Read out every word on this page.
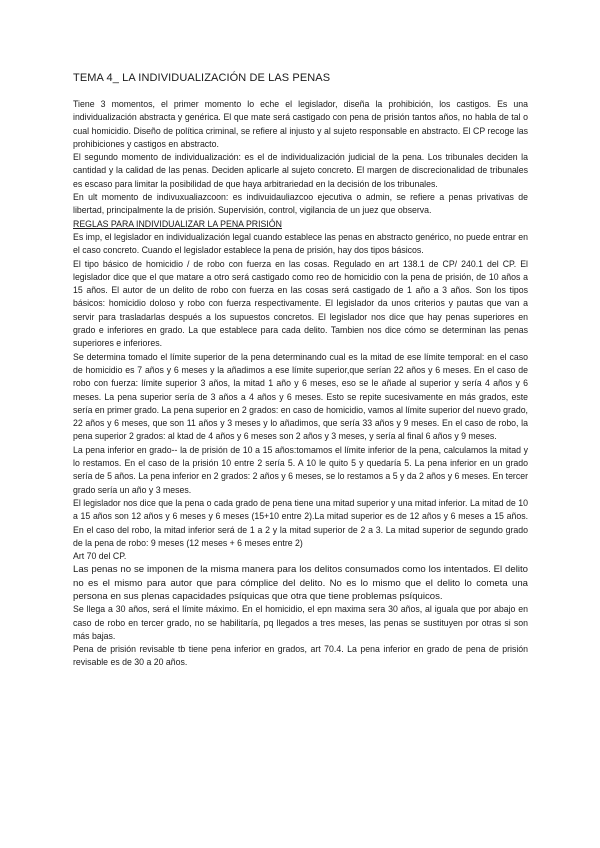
TEMA 4_ LA INDIVIDUALIZACIÓN DE LAS PENAS

Tiene 3 momentos, el primer momento lo eche el legislador, diseña la prohibición, los castigos. Es una individualización abstracta y genérica. El que mate será castigado con pena de prisión tantos años, no habla de tal o cual homicidio. Diseño de política criminal, se refiere al injusto y al sujeto responsable en abstracto. El CP recoge las prohibiciones y castigos en abstracto.

El segundo momento de individualización: es el de individualización judicial de la pena. Los tribunales deciden la cantidad y la calidad de las penas. Deciden aplicarle al sujeto concreto. El margen de discrecionalidad de tribunales es escaso para limitar la posibilidad de que haya arbitrariedad en la decisión de los tribunales.

En ult momento de indivuxualiazcoon: es indivuidauliazcoo ejecutiva o admin, se refiere a penas privativas de libertad, principalmente la de prisión. Supervisión, control, vigilancia de un juez que observa.

REGLAS PARA INDIVIDUALIZAR LA PENA PRISIÓN

Es imp, el legislador en individualización legal cuando establece las penas en abstracto genérico, no puede entrar en el caso concreto. Cuando el legislador establece la pena de prisión, hay dos tipos básicos.

El tipo básico de homicidio / de robo con fuerza en las cosas. Regulado en art 138.1 de CP/ 240.1 del CP. El legislador dice que el que matare a otro será castigado como reo de homicidio con la pena de prisión, de 10 años a 15 años. El autor de un delito de robo con fuerza en las cosas será castigado de 1 año a 3 años. Son los tipos básicos: homicidio doloso y robo con fuerza respectivamente. El legislador da unos criterios y pautas que van a servir para trasladarlas después a los supuestos concretos. El legislador nos dice que hay penas superiores en grado e inferiores en grado. La que establece para cada delito. Tambien nos dice cómo se determinan las penas superiores e inferiores.

Se determina tomado el límite superior de la pena determinando cual es la mitad de ese límite temporal: en el caso de homicidio es 7 años y 6 meses y la añadimos a ese límite superior,que serían 22 años y 6 meses. En el caso de robo con fuerza: límite superior 3 años, la mitad 1 año y 6 meses, eso se le añade al superior y sería 4 años y 6 meses. La pena superior sería de 3 años a 4 años y 6 meses. Esto se repite sucesivamente en más grados, este sería en primer grado. La pena superior en 2 grados: en caso de homicidio, vamos al límite superior del nuevo grado, 22 años y 6 meses, que son 11 años y 3 meses y lo añadimos, que sería 33 años y 9 meses. En el caso de robo, la pena superior 2 grados: al ktad de 4 años y 6 meses son 2 años y 3 meses, y sería al final 6 años y 9 meses.

La pena inferior en grado-- la de prisión de 10 a 15 años:tomamos el límite inferior de la pena, calculamos la mitad y lo restamos. En el caso de la prisión 10 entre 2 sería 5. A 10 le quito 5 y quedaría 5. La pena inferior en un grado sería de 5 años. La pena inferior en 2 grados: 2 años y 6 meses, se lo restamos a 5 y da 2 años y 6 meses. En tercer grado sería un año y 3 meses.

El legislador nos dice que la pena o cada grado de pena tiene una mitad superior y una mitad inferior. La mitad de 10 a 15 años son 12 años y 6 meses y 6 meses (15+10 entre 2).La mitad superior es de 12 años y 6 meses a 15 años. En el caso del robo, la mitad inferior será de 1 a 2 y la mitad superior de 2 a 3. La mitad superior de segundo grado de la pena de robo: 9 meses (12 meses + 6 meses entre 2)

Art 70 del CP.

Las penas no se imponen de la misma manera para los delitos consumados como los intentados. El delito no es el mismo para autor que para cómplice del delito. No es lo mismo que el delito lo cometa una persona en sus plenas capacidades psíquicas que otra que tiene problemas psíquicos.

Se llega a 30 años, será el límite máximo. En el homicidio, el epn maxima sera 30 años, al iguala que por abajo en caso de robo en tercer grado, no se habilitaría, pq llegados a tres meses, las penas se sustituyen por otras si son más bajas.

Pena de prisión revisable tb tiene pena inferior en grados, art 70.4. La pena inferior en grado de pena de prisión revisable es de 30 a 20 años.
